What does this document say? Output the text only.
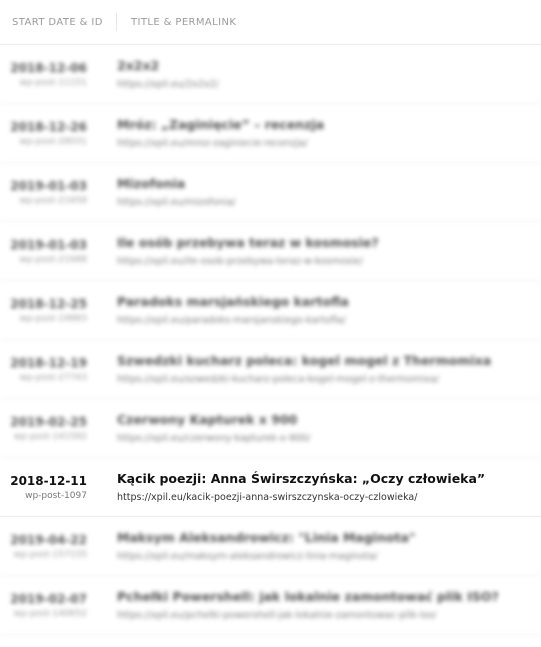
START DATE & ID	TITLE & PERMALINK
2018-12-06
wp-post-11151
2x2x2
https://xpil.eu/2x2x2/
2018-12-26
wp-post-28031
Mróz: „Zaginięcie” – recenzja
https://xpil.eu/mroz-zaginiecie-recenzja/
2019-01-03
wp-post-21658
Mizofonia
https://xpil.eu/mizofonia/
2019-01-03
wp-post-21688
Ile osób przebywa teraz w kosmosie?
https://xpil.eu/ile-osob-przebywa-teraz-w-kosmosie/
2018-12-25
wp-post-19883
Paradoks marsjańskiego kartofla
https://xpil.eu/paradoks-marsjanskiego-kartofla/
2018-12-19
wp-post-27743
Szwedzki kucharz poleca: kogel mogel z Thermomixa
https://xpil.eu/szwedzki-kucharz-poleca-kogel-mogel-z-thermomixa/
2019-02-25
wp-post-141582
Czerwony Kapturek x 900
https://xpil.eu/czerwony-kapturek-x-900/
2018-12-11
wp-post-1097
Kącik poezji: Anna Świrszczyńska: „Oczy człowieka”
https://xpil.eu/kacik-poezji-anna-swirszczynska-oczy-czlowieka/
2019-04-22
wp-post-157155
Maksym Aleksandrowicz: "Linia Maginota"
https://xpil.eu/maksym-aleksandrowicz-linia-maginota/
2019-02-07
wp-post-140652
Pchełki Powershell: jak lokalnie zamontować plik ISO?
https://xpil.eu/pchelki-powershell-jak-lokalnie-zamontowac-plik-iso/
